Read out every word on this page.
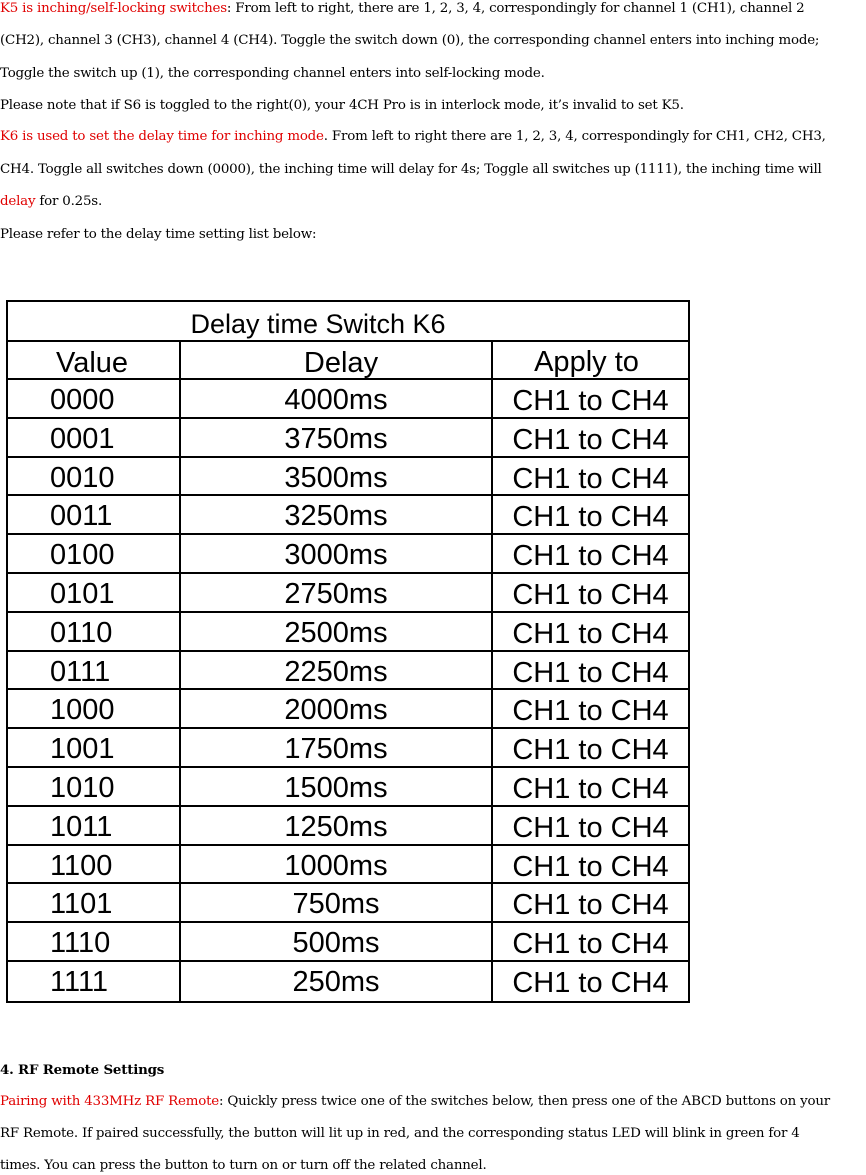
K5 is inching/self-locking switches: From left to right, there are 1, 2, 3, 4, correspondingly for channel 1 (CH1), channel 2
(CH2), channel 3 (CH3), channel 4 (CH4). Toggle the switch down (0), the corresponding channel enters into inching mode;
Toggle the switch up (1), the corresponding channel enters into self-locking mode.
Please note that if S6 is toggled to the right(0), your 4CH Pro is in interlock mode, it’s invalid to set K5.
K6 is used to set the delay time for inching mode. From left to right there are 1, 2, 3, 4, correspondingly for CH1, CH2, CH3,
CH4. Toggle all switches down (0000), the inching time will delay for 4s; Toggle all switches up (1111), the inching time will
delay for 0.25s.
Please refer to the delay time setting list below:
Delay time Switch K6
Value	Delay	Apply to
0000	4000ms	CH1 to CH4
0001	3750ms	CH1 to CH4
0010	3500ms	CH1 to CH4
0011	3250ms	CH1 to CH4
0100	3000ms	CH1 to CH4
0101	2750ms	CH1 to CH4
0110	2500ms	CH1 to CH4
0111	2250ms	CH1 to CH4
1000	2000ms	CH1 to CH4
1001	1750ms	CH1 to CH4
1010	1500ms	CH1 to CH4
1011	1250ms	CH1 to CH4
1100	1000ms	CH1 to CH4
1101	750ms	CH1 to CH4
1110	500ms	CH1 to CH4
1111	250ms	CH1 to CH4
4. RF Remote Settings
Pairing with 433MHz RF Remote: Quickly press twice one of the switches below, then press one of the ABCD buttons on your
RF Remote. If paired successfully, the button will lit up in red, and the corresponding status LED will blink in green for 4
times. You can press the button to turn on or turn off the related channel.
